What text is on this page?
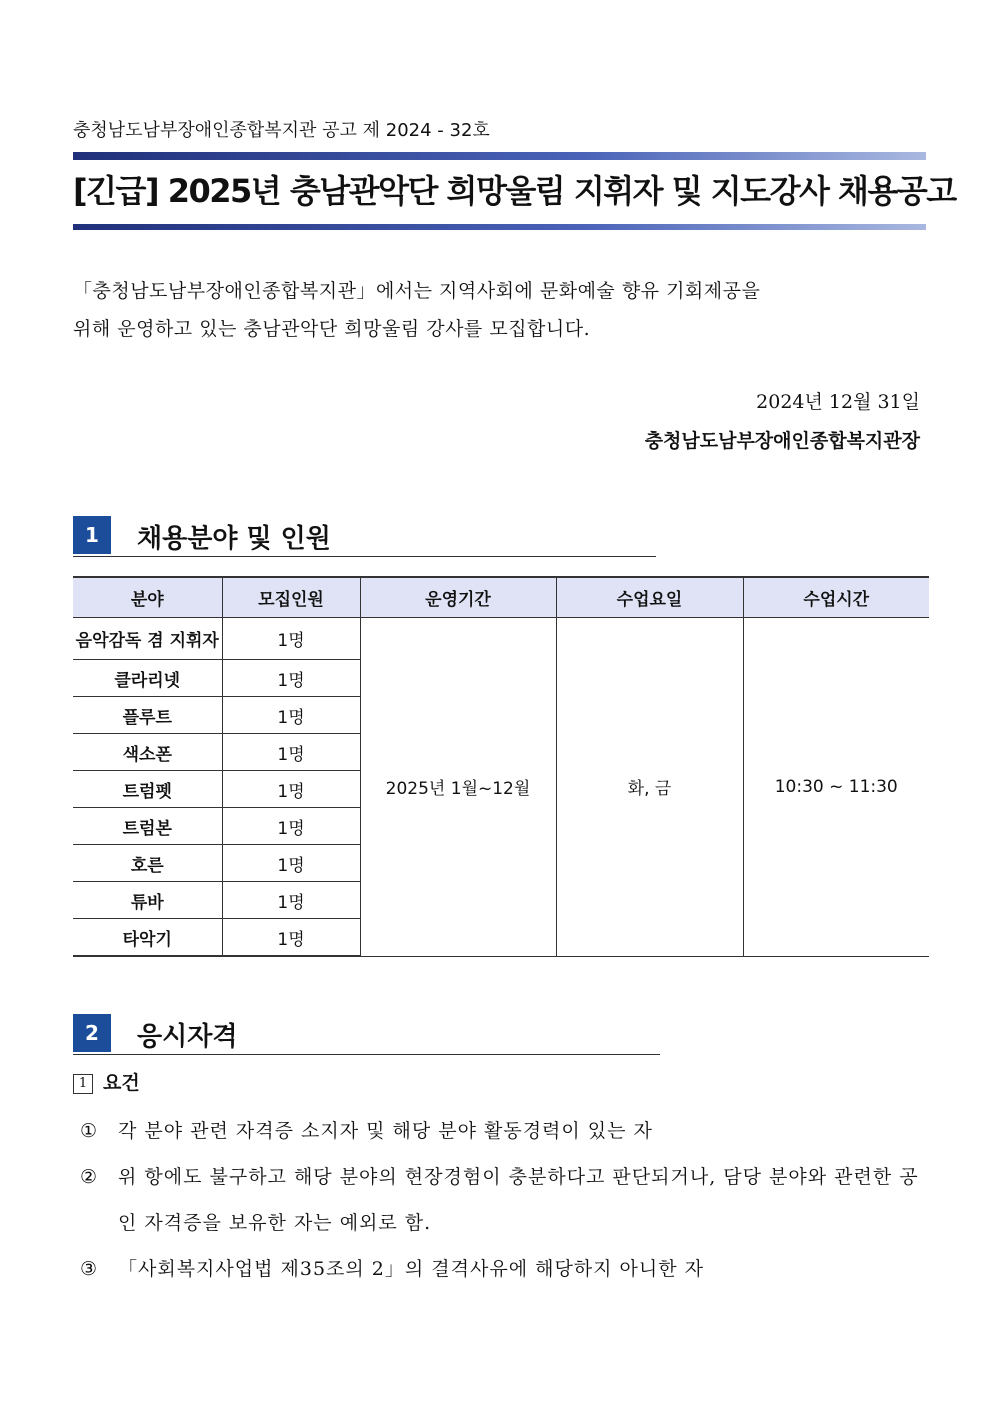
충청남도남부장애인종합복지관 공고 제 2024 - 32호
[긴급] 2025년 충남관악단 희망울림 지휘자 및 지도강사 채용공고

「충청남도남부장애인종합복지관」에서는 지역사회에 문화예술 향유 기회제공을

위해 운영하고 있는 충남관악단 희망울림 강사를 모집합니다.

2024년 12월 31일
충청남도남부장애인종합복지관장
1	채용분야 및 인원
분야	모집인원	운영기간	수업요일	수업시간
음악감독 겸 지휘자	1명	2025년 1월~12월	화, 금	10:30 ~ 11:30
클라리넷	1명			
플루트	1명			
색소폰	1명			
트럼펫	1명			
트럼본	1명			
호른	1명			
튜바	1명			
타악기	1명			
2	응시자격
1 요건
①	각 분야 관련 자격증 소지자 및 해당 분야 활동경력이 있는 자
②	위 항에도 불구하고 해당 분야의 현장경험이 충분하다고 판단되거나, 담당 분야와 관련한 공인 자격증을 보유한 자는 예외로 함.
③	「사회복지사업법 제35조의 2」의 결격사유에 해당하지 아니한 자
